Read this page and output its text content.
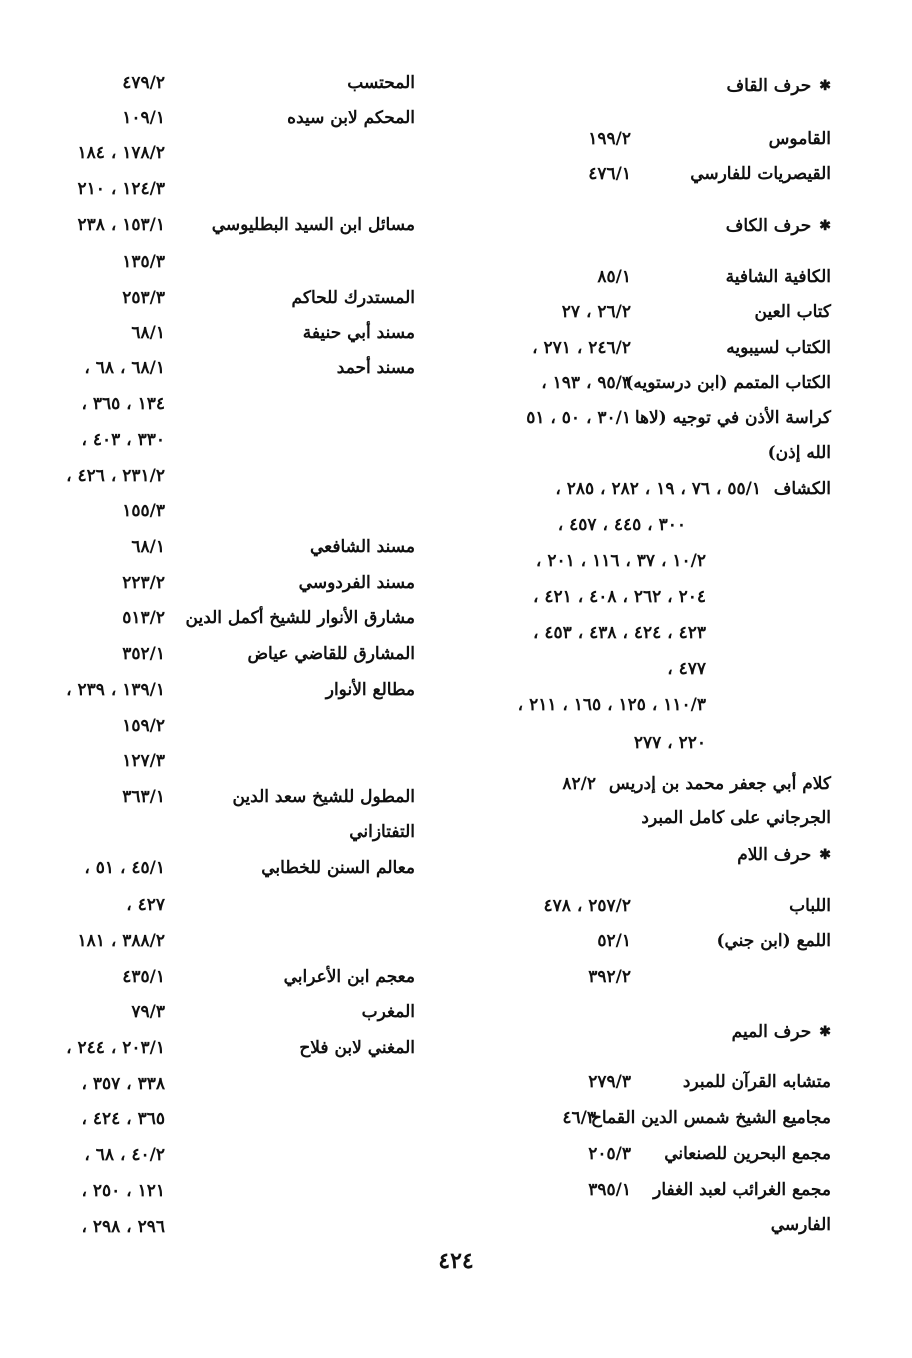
✱
حرف القاف
القاموس
١٩٩/٢
القيصريات للفارسي
٤٧٦/١
✱
حرف الكاف
الكافية الشافية
٨٥/١
كتاب العين
٢٦/٢ ، ٢٧
الكتاب لسيبويه
٢٤٦/٢ ، ٢٧١ ،
الكتاب المتمم (ابن درستويه)
٩٥/٣ ، ١٩٣ ،
كراسة الأذن في توجيه (لاها
٣٠/١ ، ٥٠ ، ٥١
الله إذن)
الكشاف
٥٥/١ ، ٧٦ ، ١٩ ، ٢٨٢ ، ٢٨٥ ،
٣٠٠ ، ٤٤٥ ، ٤٥٧ ،
١٠/٢ ، ٣٧ ، ١١٦ ، ٢٠١ ،
٢٠٤ ، ٢٦٢ ، ٤٠٨ ، ٤٢١ ،
٤٢٣ ، ٤٢٤ ، ٤٣٨ ، ٤٥٣ ،
٤٧٧ ،
١١٠/٣ ، ١٢٥ ، ١٦٥ ، ٢١١ ،
٢٢٠ ، ٢٧٧
كلام أبي جعفر محمد بن إدريس
٨٢/٢
الجرجاني على كامل المبرد
✱
حرف اللام
اللباب
٢٥٧/٢ ، ٤٧٨
اللمع (ابن جني)
٥٢/١
٣٩٢/٢
✱
حرف الميم
متشابه القرآن للمبرد
٢٧٩/٣
مجاميع الشيخ شمس الدين القماح
٤٦/٣
مجمع البحرين للصنعاني
٢٠٥/٣
مجمع الغرائب لعبد الغفار
٣٩٥/١
الفارسي
المحتسب
٤٧٩/٢
المحكم لابن سيده
١٠٩/١
١٧٨/٢ ، ١٨٤
١٢٤/٣ ، ٢١٠
مسائل ابن السيد البطليوسي
١٥٣/١ ، ٢٣٨
١٣٥/٣
المستدرك للحاكم
٢٥٣/٣
مسند أبي حنيفة
٦٨/١
مسند أحمد
٦٨/١ ، ٦٨ ،
١٣٤ ، ٣٦٥ ،
٣٣٠ ، ٤٠٣ ،
٢٣١/٢ ، ٤٢٦ ،
١٥٥/٣
مسند الشافعي
٦٨/١
مسند الفردوسي
٢٢٣/٢
مشارق الأنوار للشيخ أكمل الدين
٥١٣/٢
المشارق للقاضي عياض
٣٥٢/١
مطالع الأنوار
١٣٩/١ ، ٢٣٩ ،
١٥٩/٢
١٢٧/٣
المطول للشيخ سعد الدين
٣٦٣/١
التفتازاني
معالم السنن للخطابي
٤٥/١ ، ٥١ ،
٤٢٧ ،
٣٨٨/٢ ، ١٨١
معجم ابن الأعرابي
٤٣٥/١
المغرب
٧٩/٣
المغني لابن فلاح
٢٠٣/١ ، ٢٤٤ ،
٣٣٨ ، ٣٥٧ ،
٣٦٥ ، ٤٢٤ ،
٤٠/٢ ، ٦٨ ،
١٢١ ، ٢٥٠ ،
٢٩٦ ، ٢٩٨ ،
٤٢٤
